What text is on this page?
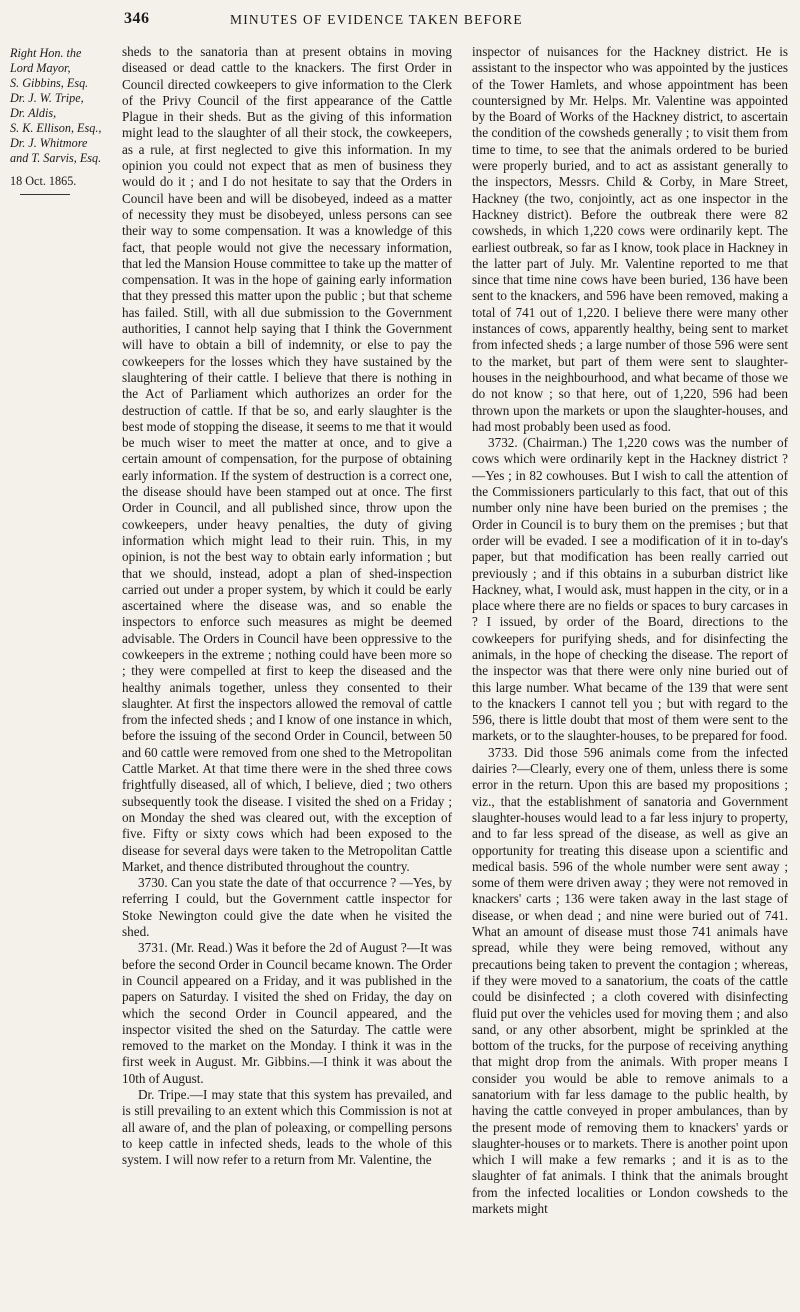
346	MINUTES OF EVIDENCE TAKEN BEFORE
Right Hon. the Lord Mayor,
S. Gibbins, Esq.
Dr. J. W. Tripe,
Dr. Aldis,
S. K. Ellison, Esq.,
Dr. J. Whitmore and T. Sarvis, Esq.
18 Oct. 1865.

sheds to the sanatoria than at present obtains in moving diseased or dead cattle to the knackers. The first Order in Council directed cowkeepers to give information to the Clerk of the Privy Council of the first appearance of the Cattle Plague in their sheds. But as the giving of this information might lead to the slaughter of all their stock, the cowkeepers, as a rule, at first neglected to give this information. In my opinion you could not expect that as men of business they would do it ; and I do not hesitate to say that the Orders in Council have been and will be disobeyed, indeed as a matter of necessity they must be disobeyed, unless persons can see their way to some compensation. It was a knowledge of this fact, that people would not give the necessary information, that led the Mansion House committee to take up the matter of compensation. It was in the hope of gaining early information that they pressed this matter upon the public ; but that scheme has failed. Still, with all due submission to the Government authorities, I cannot help saying that I think the Government will have to obtain a bill of indemnity, or else to pay the cowkeepers for the losses which they have sustained by the slaughtering of their cattle. I believe that there is nothing in the Act of Parliament which authorizes an order for the destruction of cattle. If that be so, and early slaughter is the best mode of stopping the disease, it seems to me that it would be much wiser to meet the matter at once, and to give a certain amount of compensation, for the purpose of obtaining early information. If the system of destruction is a correct one, the disease should have been stamped out at once. The first Order in Council, and all published since, throw upon the cowkeepers, under heavy penalties, the duty of giving information which might lead to their ruin. This, in my opinion, is not the best way to obtain early information ; but that we should, instead, adopt a plan of shed-inspection carried out under a proper system, by which it could be early ascertained where the disease was, and so enable the inspectors to enforce such measures as might be deemed advisable. The Orders in Council have been oppressive to the cowkeepers in the extreme ; nothing could have been more so ; they were compelled at first to keep the diseased and the healthy animals together, unless they consented to their slaughter. At first the inspectors allowed the removal of cattle from the infected sheds ; and I know of one instance in which, before the issuing of the second Order in Council, between 50 and 60 cattle were removed from one shed to the Metropolitan Cattle Market. At that time there were in the shed three cows frightfully diseased, all of which, I believe, died ; two others subsequently took the disease. I visited the shed on a Friday ; on Monday the shed was cleared out, with the exception of five. Fifty or sixty cows which had been exposed to the disease for several days were taken to the Metropolitan Cattle Market, and thence distributed throughout the country.

3730. Can you state the date of that occurrence ? —Yes, by referring I could, but the Government cattle inspector for Stoke Newington could give the date when he visited the shed.

3731. (Mr. Read.) Was it before the 2d of August ?—It was before the second Order in Council became known. The Order in Council appeared on a Friday, and it was published in the papers on Saturday. I visited the shed on Friday, the day on which the second Order in Council appeared, and the inspector visited the shed on the Saturday. The cattle were removed to the market on the Monday. I think it was in the first week in August. Mr. Gibbins.—I think it was about the 10th of August.

Dr. Tripe.—I may state that this system has prevailed, and is still prevailing to an extent which this Commission is not at all aware of, and the plan of poleaxing, or compelling persons to keep cattle in infected sheds, leads to the whole of this system. I will now refer to a return from Mr. Valentine, the

inspector of nuisances for the Hackney district. He is assistant to the inspector who was appointed by the justices of the Tower Hamlets, and whose appointment has been countersigned by Mr. Helps. Mr. Valentine was appointed by the Board of Works of the Hackney district, to ascertain the condition of the cowsheds generally ; to visit them from time to time, to see that the animals ordered to be buried were properly buried, and to act as assistant generally to the inspectors, Messrs. Child & Corby, in Mare Street, Hackney (the two, conjointly, act as one inspector in the Hackney district). Before the outbreak there were 82 cowsheds, in which 1,220 cows were ordinarily kept. The earliest outbreak, so far as I know, took place in Hackney in the latter part of July. Mr. Valentine reported to me that since that time nine cows have been buried, 136 have been sent to the knackers, and 596 have been removed, making a total of 741 out of 1,220. I believe there were many other instances of cows, apparently healthy, being sent to market from infected sheds ; a large number of those 596 were sent to the market, but part of them were sent to slaughter-houses in the neighbourhood, and what became of those we do not know ; so that here, out of 1,220, 596 had been thrown upon the markets or upon the slaughter-houses, and had most probably been used as food.

3732. (Chairman.) The 1,220 cows was the number of cows which were ordinarily kept in the Hackney district ?—Yes ; in 82 cowhouses. But I wish to call the attention of the Commissioners particularly to this fact, that out of this number only nine have been buried on the premises ; the Order in Council is to bury them on the premises ; but that order will be evaded. I see a modification of it in to-day's paper, but that modification has been really carried out previously ; and if this obtains in a suburban district like Hackney, what, I would ask, must happen in the city, or in a place where there are no fields or spaces to bury carcases in ? I issued, by order of the Board, directions to the cowkeepers for purifying sheds, and for disinfecting the animals, in the hope of checking the disease. The report of the inspector was that there were only nine buried out of this large number. What became of the 139 that were sent to the knackers I cannot tell you ; but with regard to the 596, there is little doubt that most of them were sent to the markets, or to the slaughter-houses, to be prepared for food.

3733. Did those 596 animals come from the infected dairies ?—Clearly, every one of them, unless there is some error in the return. Upon this are based my propositions ; viz., that the establishment of sanatoria and Government slaughter-houses would lead to a far less injury to property, and to far less spread of the disease, as well as give an opportunity for treating this disease upon a scientific and medical basis. 596 of the whole number were sent away ; some of them were driven away ; they were not removed in knackers' carts ; 136 were taken away in the last stage of disease, or when dead ; and nine were buried out of 741. What an amount of disease must those 741 animals have spread, while they were being removed, without any precautions being taken to prevent the contagion ; whereas, if they were moved to a sanatorium, the coats of the cattle could be disinfected ; a cloth covered with disinfecting fluid put over the vehicles used for moving them ; and also sand, or any other absorbent, might be sprinkled at the bottom of the trucks, for the purpose of receiving anything that might drop from the animals. With proper means I consider you would be able to remove animals to a sanatorium with far less damage to the public health, by having the cattle conveyed in proper ambulances, than by the present mode of removing them to knackers' yards or slaughter-houses or to markets. There is another point upon which I will make a few remarks ; and it is as to the slaughter of fat animals. I think that the animals brought from the infected localities or London cowsheds to the markets might
